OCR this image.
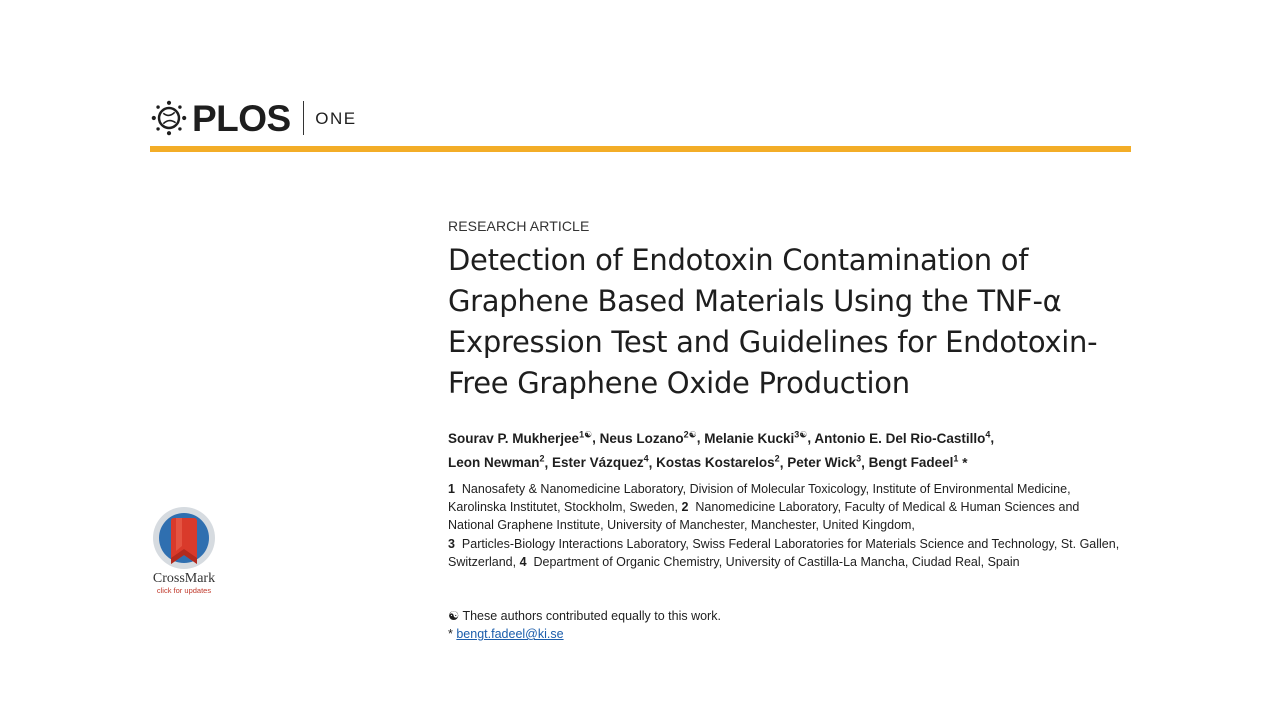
PLOS ONE
RESEARCH ARTICLE
Detection of Endotoxin Contamination of Graphene Based Materials Using the TNF-α Expression Test and Guidelines for Endotoxin-Free Graphene Oxide Production
Sourav P. Mukherjee$^{1☯}$, Neus Lozano$^{2☯}$, Melanie Kucki$^{3☯}$, Antonio E. Del Rio-Castillo$^4$,
Leon Newman$^2$, Ester Vázquez$^4$, Kostas Kostarelos$^2$, Peter Wick$^3$, Bengt Fadeel$^1$ *
1 Nanosafety & Nanomedicine Laboratory, Division of Molecular Toxicology, Institute of Environmental Medicine, Karolinska Institutet, Stockholm, Sweden, 2 Nanomedicine Laboratory, Faculty of Medical & Human Sciences and National Graphene Institute, University of Manchester, Manchester, United Kingdom,
3 Particles-Biology Interactions Laboratory, Swiss Federal Laboratories for Materials Science and Technology, St. Gallen, Switzerland, 4 Department of Organic Chemistry, University of Castilla-La Mancha, Ciudad Real, Spain
☯ These authors contributed equally to this work.
* bengt.fadeel@ki.se
CrossMark
click for updates
